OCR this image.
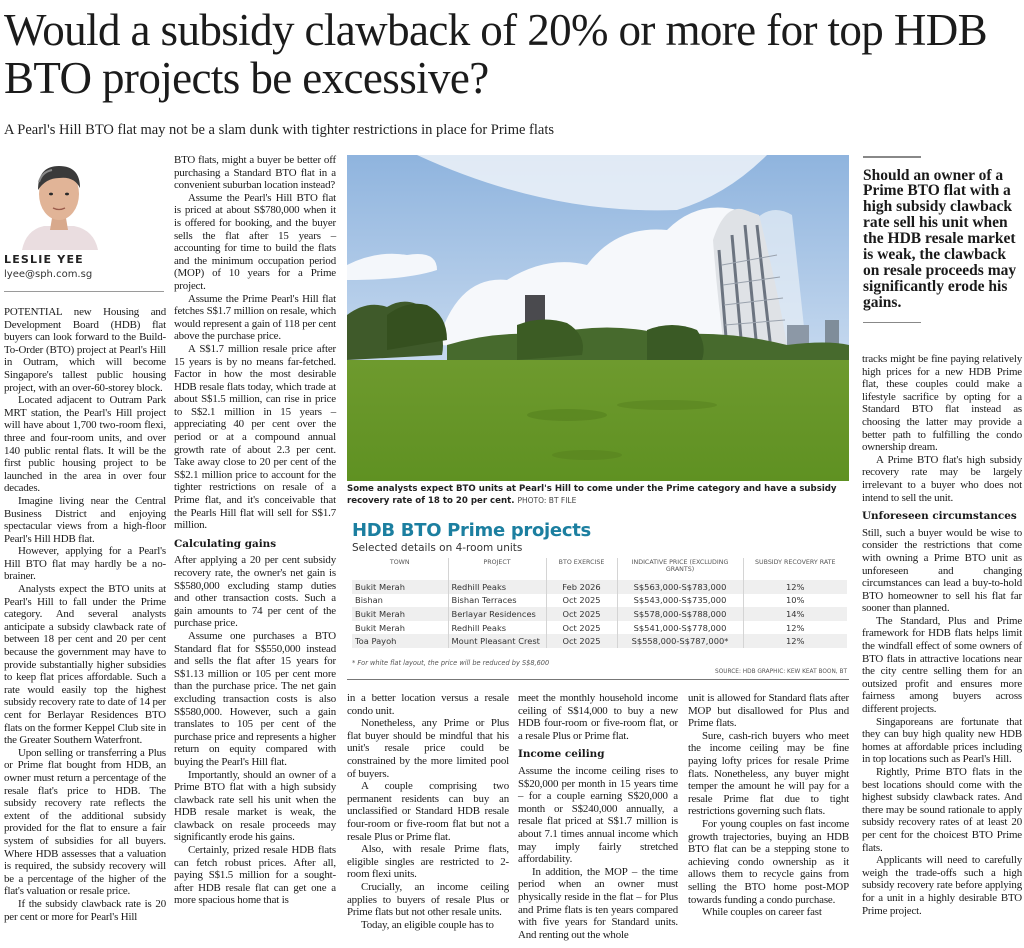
Would a subsidy clawback of 20% or more for top HDB BTO projects be excessive?
A Pearl's Hill BTO flat may not be a slam dunk with tighter restrictions in place for Prime flats
LESLIE YEE
lyee@sph.com.sg

POTENTIAL new Housing and Development Board (HDB) flat buyers can look forward to the Build-To-Order (BTO) project at Pearl's Hill in Outram, which will become Singapore's tallest public housing project, with an over-60-storey block.

Located adjacent to Outram Park MRT station, the Pearl's Hill project will have about 1,700 two-room flexi, three and four-room units, and over 140 public rental flats. It will be the first public housing project to be launched in the area in over four decades.

Imagine living near the Central Business District and enjoying spectacular views from a high-floor Pearl's Hill HDB flat.

However, applying for a Pearl's Hill BTO flat may hardly be a no-brainer.

Analysts expect the BTO units at Pearl's Hill to fall under the Prime category. And several analysts anticipate a subsidy clawback rate of between 18 per cent and 20 per cent because the government may have to provide substantially higher subsidies to keep flat prices affordable. Such a rate would easily top the highest subsidy recovery rate to date of 14 per cent for Berlayar Residences BTO flats on the former Keppel Club site in the Greater Southern Waterfront.

Upon selling or transferring a Plus or Prime flat bought from HDB, an owner must return a percentage of the resale flat's price to HDB. The subsidy recovery rate reflects the extent of the additional subsidy provided for the flat to ensure a fair system of subsidies for all buyers. Where HDB assesses that a valuation is required, the subsidy recovery will be a percentage of the higher of the flat's valuation or resale price.

If the subsidy clawback rate is 20 per cent or more for Pearl's Hill

BTO flats, might a buyer be better off purchasing a Standard BTO flat in a convenient suburban location instead?

Assume the Pearl's Hill BTO flat is priced at about S$780,000 when it is offered for booking, and the buyer sells the flat after 15 years – accounting for time to build the flats and the minimum occupation period (MOP) of 10 years for a Prime project.

Assume the Prime Pearl's Hill flat fetches S$1.7 million on resale, which would represent a gain of 118 per cent above the purchase price.

A S$1.7 million resale price after 15 years is by no means far-fetched. Factor in how the most desirable HDB resale flats today, which trade at about S$1.5 million, can rise in price to S$2.1 million in 15 years – appreciating 40 per cent over the period or at a compound annual growth rate of about 2.3 per cent. Take away close to 20 per cent of the S$2.1 million price to account for the tighter restrictions on resale of a Prime flat, and it's conceivable that the Pearls Hill flat will sell for S$1.7 million.

Calculating gains

After applying a 20 per cent subsidy recovery rate, the owner's net gain is S$580,000 excluding stamp duties and other transaction costs. Such a gain amounts to 74 per cent of the purchase price.

Assume one purchases a BTO Standard flat for S$550,000 instead and sells the flat after 15 years for S$1.13 million or 105 per cent more than the purchase price. The net gain excluding transaction costs is also S$580,000. However, such a gain translates to 105 per cent of the purchase price and represents a higher return on equity compared with buying the Pearl's Hill flat.

Importantly, should an owner of a Prime BTO flat with a high subsidy clawback rate sell his unit when the HDB resale market is weak, the clawback on resale proceeds may significantly erode his gains.

Certainly, prized resale HDB flats can fetch robust prices. After all, paying S$1.5 million for a sought-after HDB resale flat can get one a more spacious home that is

Some analysts expect BTO units at Pearl's Hill to come under the Prime category and have a subsidy recovery rate of 18 to 20 per cent. PHOTO: BT FILE
HDB BTO Prime projects
Selected details on 4-room units
TOWN	PROJECT	BTO EXERCISE	INDICATIVE PRICE (EXCLUDING GRANTS)	SUBSIDY RECOVERY RATE
Bukit Merah	Redhill Peaks	Feb 2026	S$563,000-S$783,000	12%
Bishan	Bishan Terraces	Oct 2025	S$543,000-S$735,000	10%
Bukit Merah	Berlayar Residences	Oct 2025	S$578,000-S$788,000	14%
Bukit Merah	Redhill Peaks	Oct 2025	S$541,000-S$778,000	12%
Toa Payoh	Mount Pleasant Crest	Oct 2025	S$558,000-S$787,000*	12%
* For white flat layout, the price will be reduced by S$8,600
SOURCE: HDB GRAPHIC: KEW KEAT BOON, BT

in a better location versus a resale condo unit.

Nonetheless, any Prime or Plus flat buyer should be mindful that his unit's resale price could be constrained by the more limited pool of buyers.

A couple comprising two permanent residents can buy an unclassified or Standard HDB resale four-room or five-room flat but not a resale Plus or Prime flat.

Also, with resale Prime flats, eligible singles are restricted to 2-room flexi units.

Crucially, an income ceiling applies to buyers of resale Plus or Prime flats but not other resale units.

Today, an eligible couple has to

meet the monthly household income ceiling of S$14,000 to buy a new HDB four-room or five-room flat, or a resale Plus or Prime flat.

Income ceiling

Assume the income ceiling rises to S$20,000 per month in 15 years time – for a couple earning S$20,000 a month or S$240,000 annually, a resale flat priced at S$1.7 million is about 7.1 times annual income which may imply fairly stretched affordability.

In addition, the MOP – the time period when an owner must physically reside in the flat – for Plus and Prime flats is ten years compared with five years for Standard units. And renting out the whole

unit is allowed for Standard flats after MOP but disallowed for Plus and Prime flats.

Sure, cash-rich buyers who meet the income ceiling may be fine paying lofty prices for resale Prime flats. Nonetheless, any buyer might temper the amount he will pay for a resale Prime flat due to tight restrictions governing such flats.

For young couples on fast income growth trajectories, buying an HDB BTO flat can be a stepping stone to achieving condo ownership as it allows them to recycle gains from selling the BTO home post-MOP towards funding a condo purchase.

While couples on career fast

Should an owner of a Prime BTO flat with a high subsidy clawback rate sell his unit when the HDB resale market is weak, the clawback on resale proceeds may significantly erode his gains.

tracks might be fine paying relatively high prices for a new HDB Prime flat, these couples could make a lifestyle sacrifice by opting for a Standard BTO flat instead as choosing the latter may provide a better path to fulfilling the condo ownership dream.

A Prime BTO flat's high subsidy recovery rate may be largely irrelevant to a buyer who does not intend to sell the unit.

Unforeseen circumstances

Still, such a buyer would be wise to consider the restrictions that come with owning a Prime BTO unit as unforeseen and changing circumstances can lead a buy-to-hold BTO homeowner to sell his flat far sooner than planned.

The Standard, Plus and Prime framework for HDB flats helps limit the windfall effect of some owners of BTO flats in attractive locations near the city centre selling them for an outsized profit and ensures more fairness among buyers across different projects.

Singaporeans are fortunate that they can buy high quality new HDB homes at affordable prices including in top locations such as Pearl's Hill.

Rightly, Prime BTO flats in the best locations should come with the highest subsidy clawback rates. And there may be sound rationale to apply subsidy recovery rates of at least 20 per cent for the choicest BTO Prime flats.

Applicants will need to carefully weigh the trade-offs such a high subsidy recovery rate before applying for a unit in a highly desirable BTO Prime project.
